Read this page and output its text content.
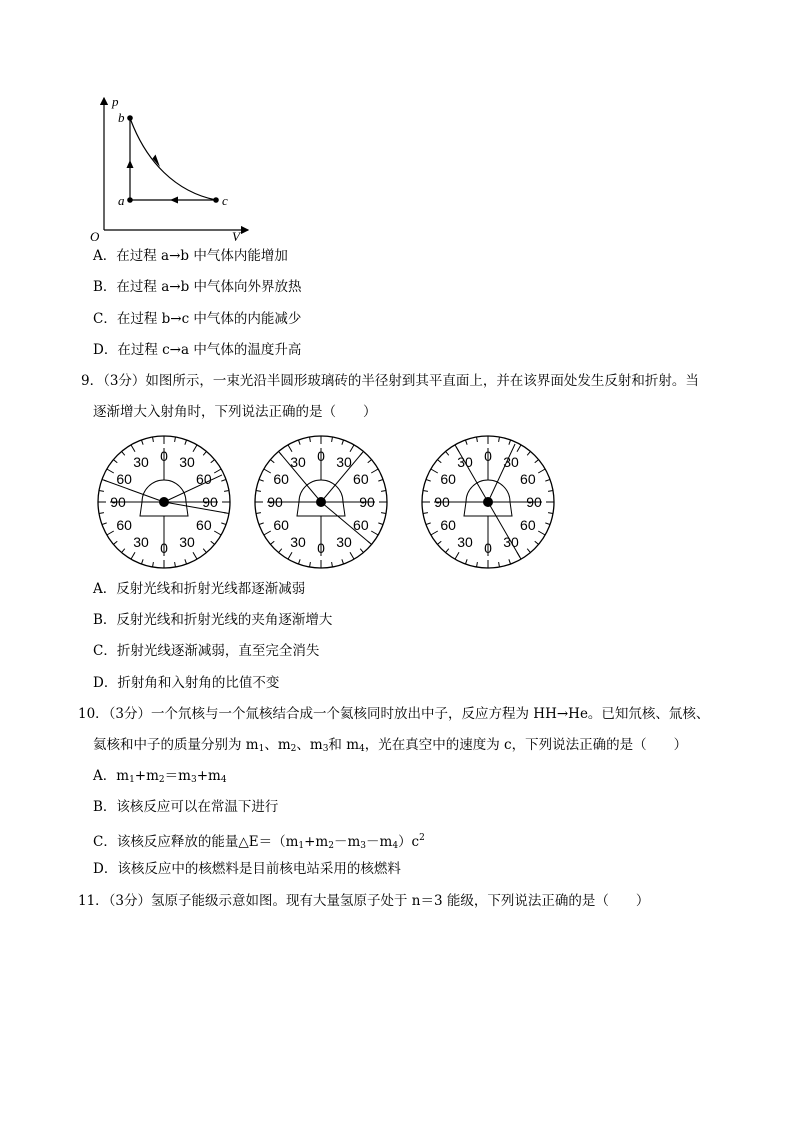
p
V
O
b
a	c
A．在过程 a→b 中气体内能增加
B．在过程 a→b 中气体向外界放热
C．在过程 b→c 中气体的内能减少
D．在过程 c→a 中气体的温度升高
9．（3分）如图所示，一束光沿半圆形玻璃砖的半径射到其平直面上，并在该界面处发生反射和折射。当
逐渐增大入射角时，下列说法正确的是（　　）
0
30 30
60	60
90	90
60	60
30 30
0
0
30 30
60	60
90	90
60	60
30 30
0
0
30 30
60	60
90	90
60	60
30 30
0
A．反射光线和折射光线都逐渐减弱
B．反射光线和折射光线的夹角逐渐增大
C．折射光线逐渐减弱，直至完全消失
D．折射角和入射角的比值不变
10．（3分）一个氘核与一个氚核结合成一个氦核同时放出中子，反应方程为 HH→He。已知氘核、氚核、
氦核和中子的质量分别为 $m_1$、$m_2$、$m_3$和 $m_4$，光在真空中的速度为 c，下列说法正确的是（　　）
A．$m_1+m_2=m_3+m_4$
B．该核反应可以在常温下进行
C．该核反应释放的能量$\triangle E=(m_1+m_2-m_3-m_4)c^2$
D．该核反应中的核燃料是目前核电站采用的核燃料
11．（3分）氢原子能级示意如图。现有大量氢原子处于 n＝3 能级，下列说法正确的是（　　）
